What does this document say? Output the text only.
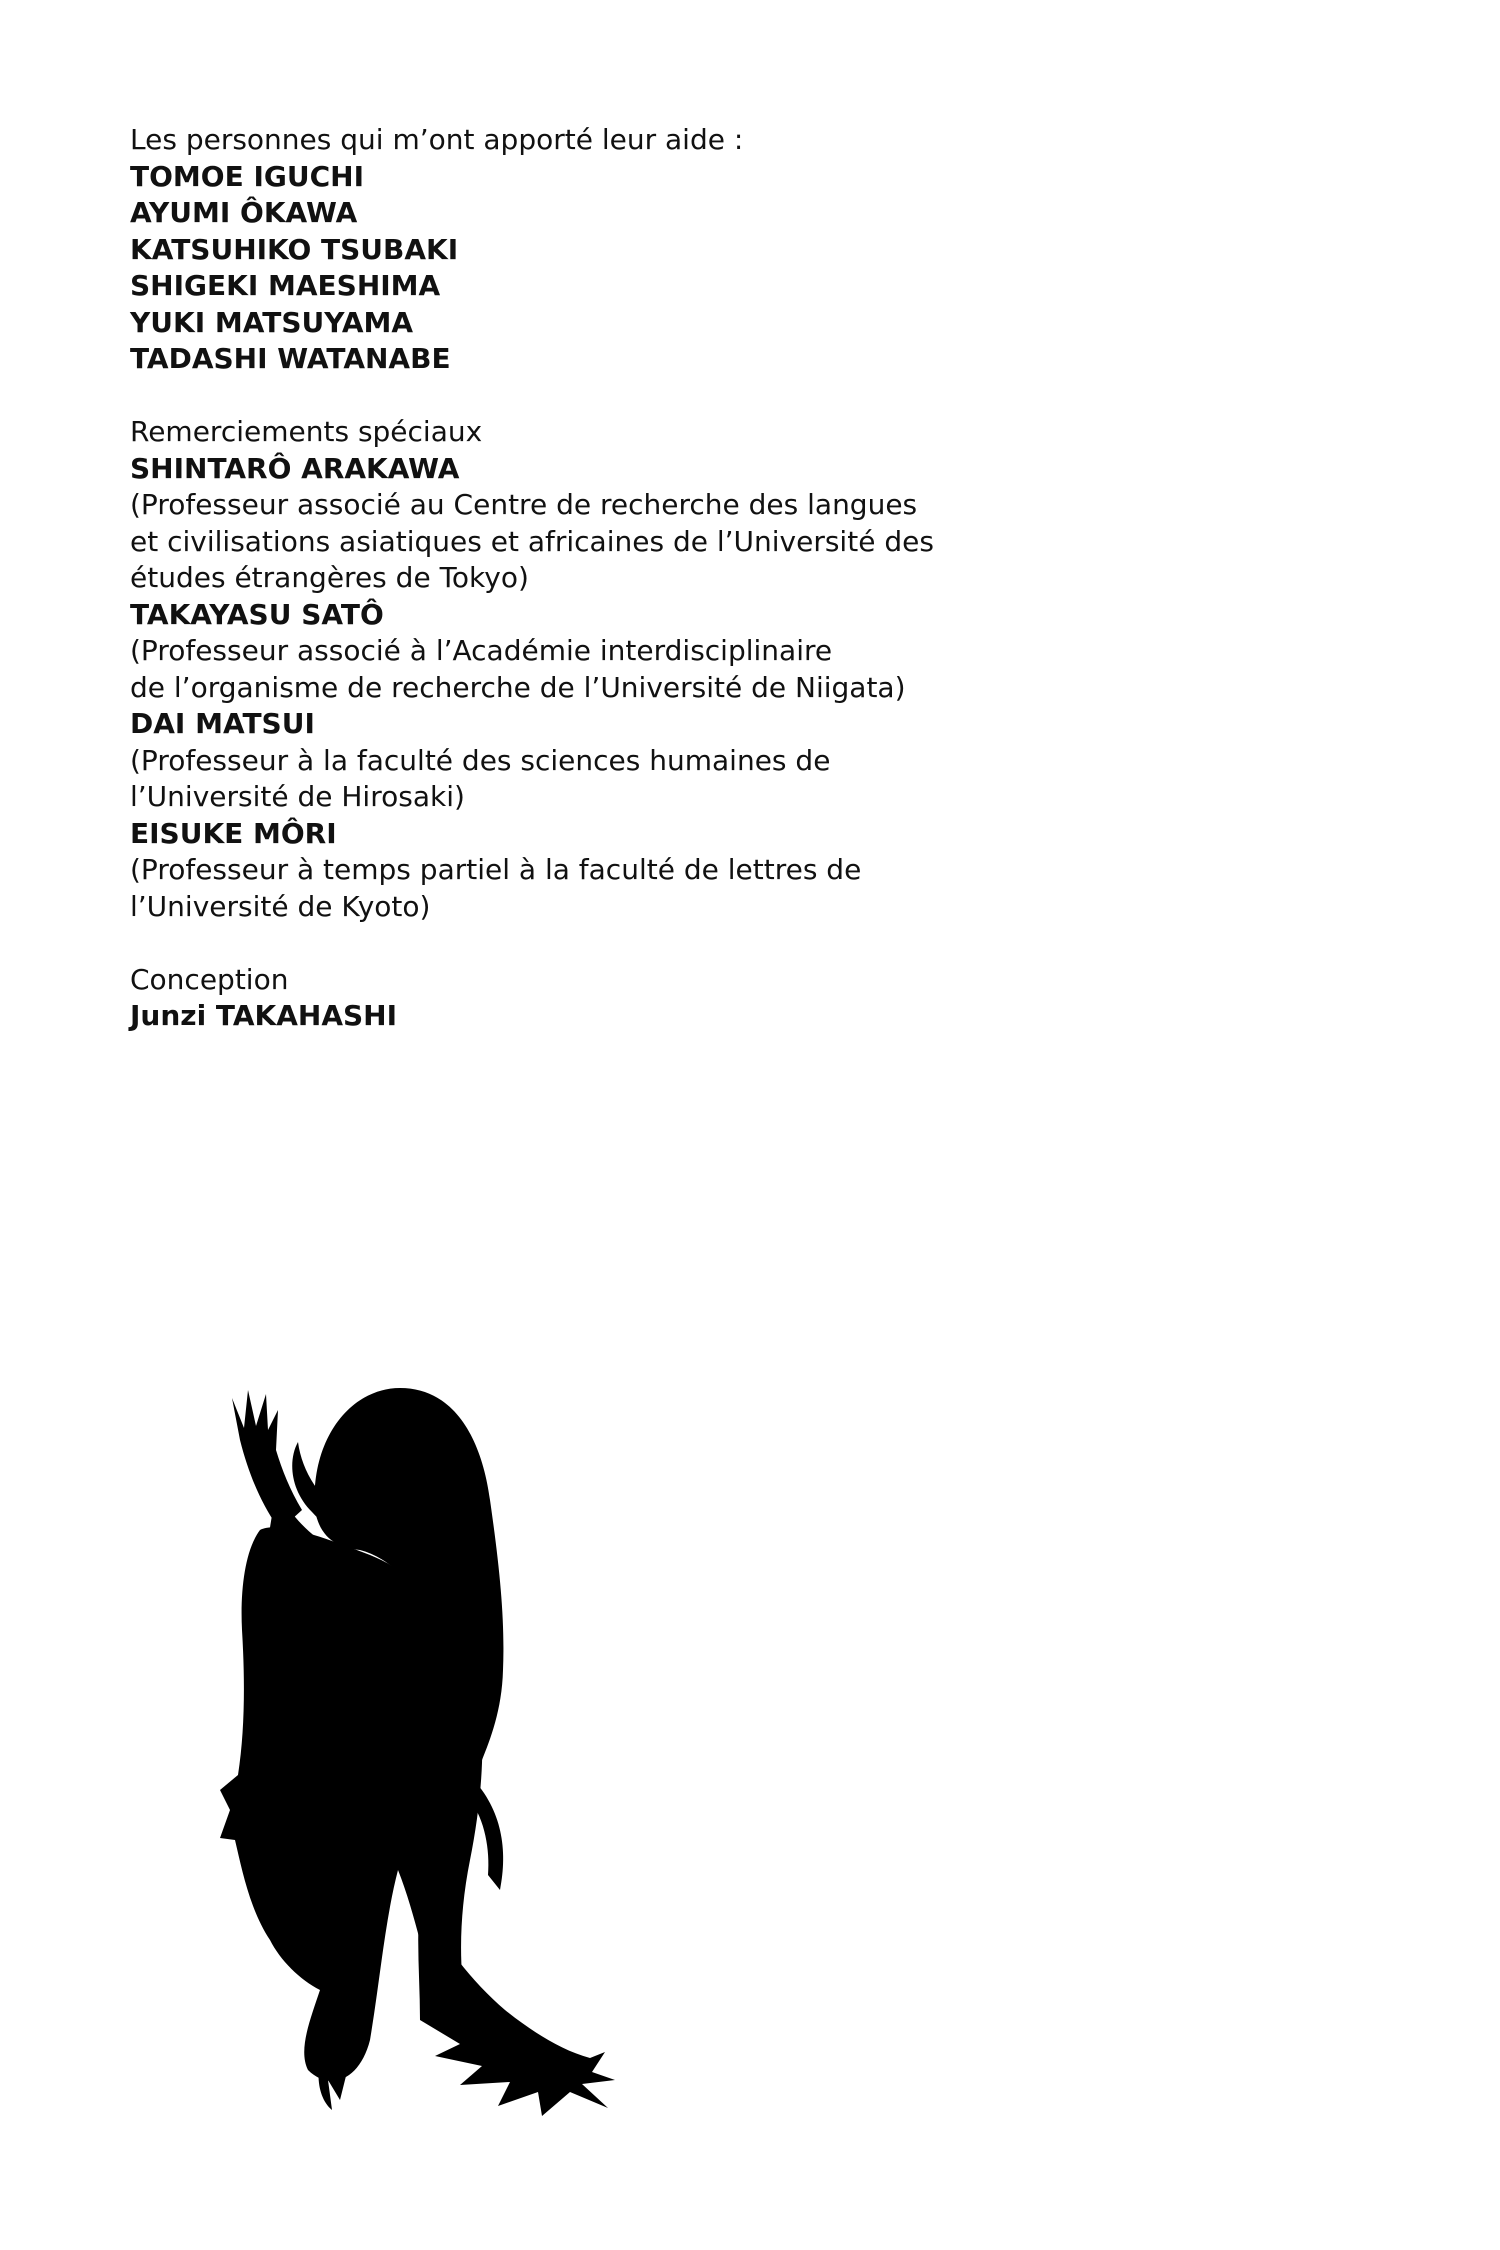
Les personnes qui m’ont apporté leur aide :
TOMOE IGUCHI
AYUMI ÔKAWA
KATSUHIKO TSUBAKI
SHIGEKI MAESHIMA
YUKI MATSUYAMA
TADASHI WATANABE
Remerciements spéciaux
SHINTARÔ ARAKAWA
(Professeur associé au Centre de recherche des langues
et civilisations asiatiques et africaines de l’Université des
études étrangères de Tokyo)
TAKAYASU SATÔ
(Professeur associé à l’Académie interdisciplinaire
de l’organisme de recherche de l’Université de Niigata)
DAI MATSUI
(Professeur à la faculté des sciences humaines de
l’Université de Hirosaki)
EISUKE MÔRI
(Professeur à temps partiel à la faculté de lettres de
l’Université de Kyoto)
Conception
Junzi TAKAHASHI
